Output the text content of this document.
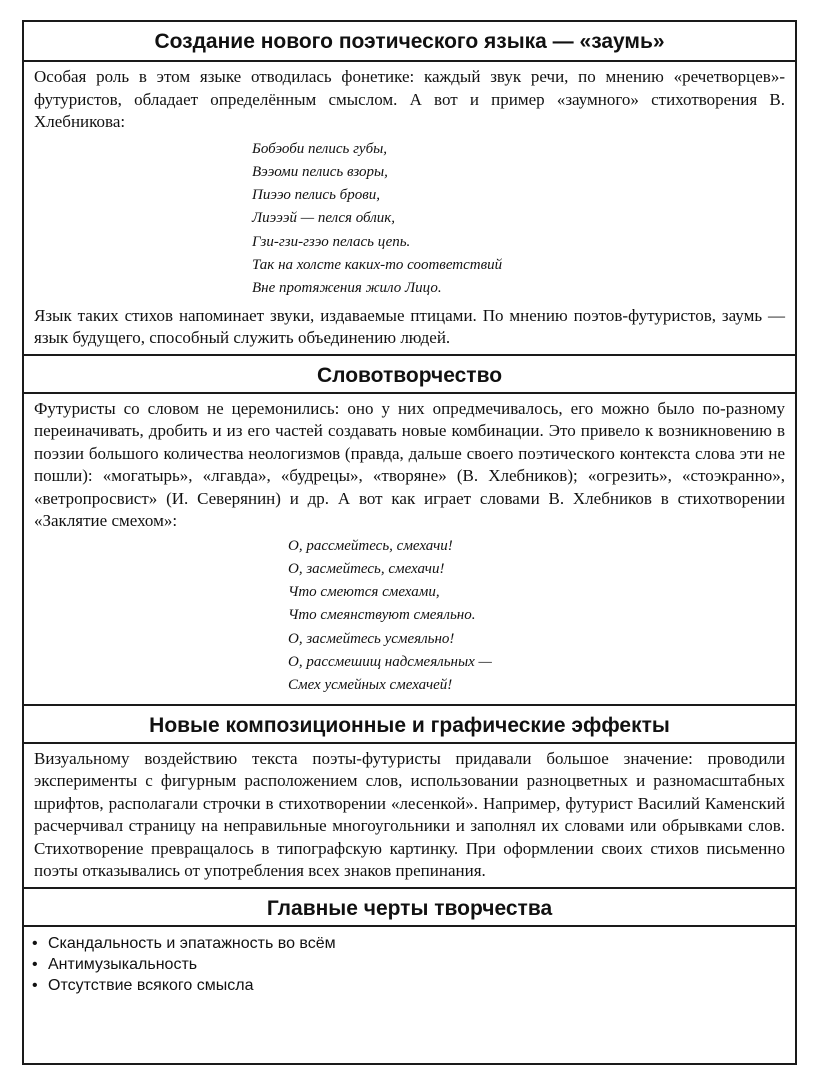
Создание нового поэтического языка — «заумь»

Особая роль в этом языке отводилась фонетике: каждый звук речи, по мнению «речетворцев»-футуристов, обладает определённым смыслом. А вот и пример «заумного» стихотворения В. Хлебникова:

Бобэоби пелись губы,
Вээоми пелись взоры,
Пиээо пелись брови,
Лиэээй — пелся облик,
Гзи-гзи-гзэо пелась цепь.
Так на холсте каких-то соответствий
Вне протяжения жило Лицо.

Язык таких стихов напоминает звуки, издаваемые птицами. По мнению поэтов-футуристов, заумь — язык будущего, способный служить объединению людей.

Словотворчество

Футуристы со словом не церемонились: оно у них опредмечивалось, его можно было по-разному переиначивать, дробить и из его частей создавать новые комбинации. Это привело к возникновению в поэзии большого количества неологизмов (правда, дальше своего поэтического контекста слова эти не пошли): «могатырь», «лгавда», «будрецы», «творяне» (В. Хлебников); «огрезить», «стоэкранно», «ветропросвист» (И. Северянин) и др. А вот как играет словами В. Хлебников в стихотворении «Заклятие смехом»:

О, рассмейтесь, смехачи!
О, засмейтесь, смехачи!
Что смеются смехами,
Что смеянствуют смеяльно.
О, засмейтесь усмеяльно!
О, рассмешищ надсмеяльных —
Смех усмейных смехачей!
Новые композиционные и графические эффекты

Визуальному воздействию текста поэты-футуристы придавали большое значение: проводили эксперименты с фигурным расположением слов, использовании разноцветных и разномасштабных шрифтов, располагали строчки в стихотворении «лесенкой». Например, футурист Василий Каменский расчерчивал страницу на неправильные многоугольники и заполнял их словами или обрывками слов. Стихотворение превращалось в типографскую картинку. При оформлении своих стихов письменно поэты отказывались от употребления всех знаков препинания.

Главные черты творчества
• Скандальность и эпатажность во всём
• Антимузыкальность
• Отсутствие всякого смысла
